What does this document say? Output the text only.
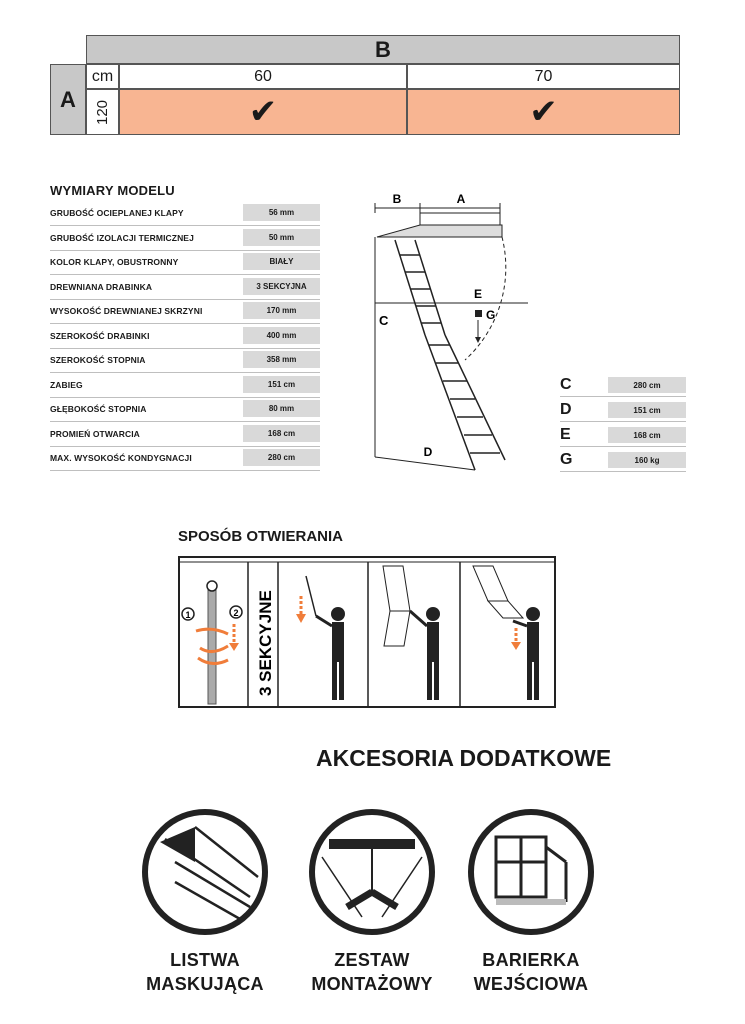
B
A
cm	60	70
120	✔	✔
WYMIARY MODELU
GRUBOŚĆ OCIEPLANEJ KLAPY	56 mm
GRUBOŚĆ IZOLACJI TERMICZNEJ	50 mm
KOLOR KLAPY, OBUSTRONNY	BIAŁY
DREWNIANA DRABINKA	3 SEKCYJNA
WYSOKOŚĆ DREWNIANEJ SKRZYNI	170 mm
SZEROKOŚĆ DRABINKI	400 mm
SZEROKOŚĆ STOPNIA	358 mm
ZABIEG	151 cm
GŁĘBOKOŚĆ STOPNIA	80 mm
PROMIEŃ OTWARCIA	168 cm
MAX. WYSOKOŚĆ KONDYGNACJI	280 cm
B	A
E
G
C
D
C	280 cm
D	151 cm
E	168 cm
G	160 kg
SPOSÓB OTWIERANIA
1	2 3 SEKCYJNE
AKCESORIA DODATKOWE
LISTWA
MASKUJĄCA
ZESTAW
MONTAŻOWY
BARIERKA
WEJŚCIOWA
